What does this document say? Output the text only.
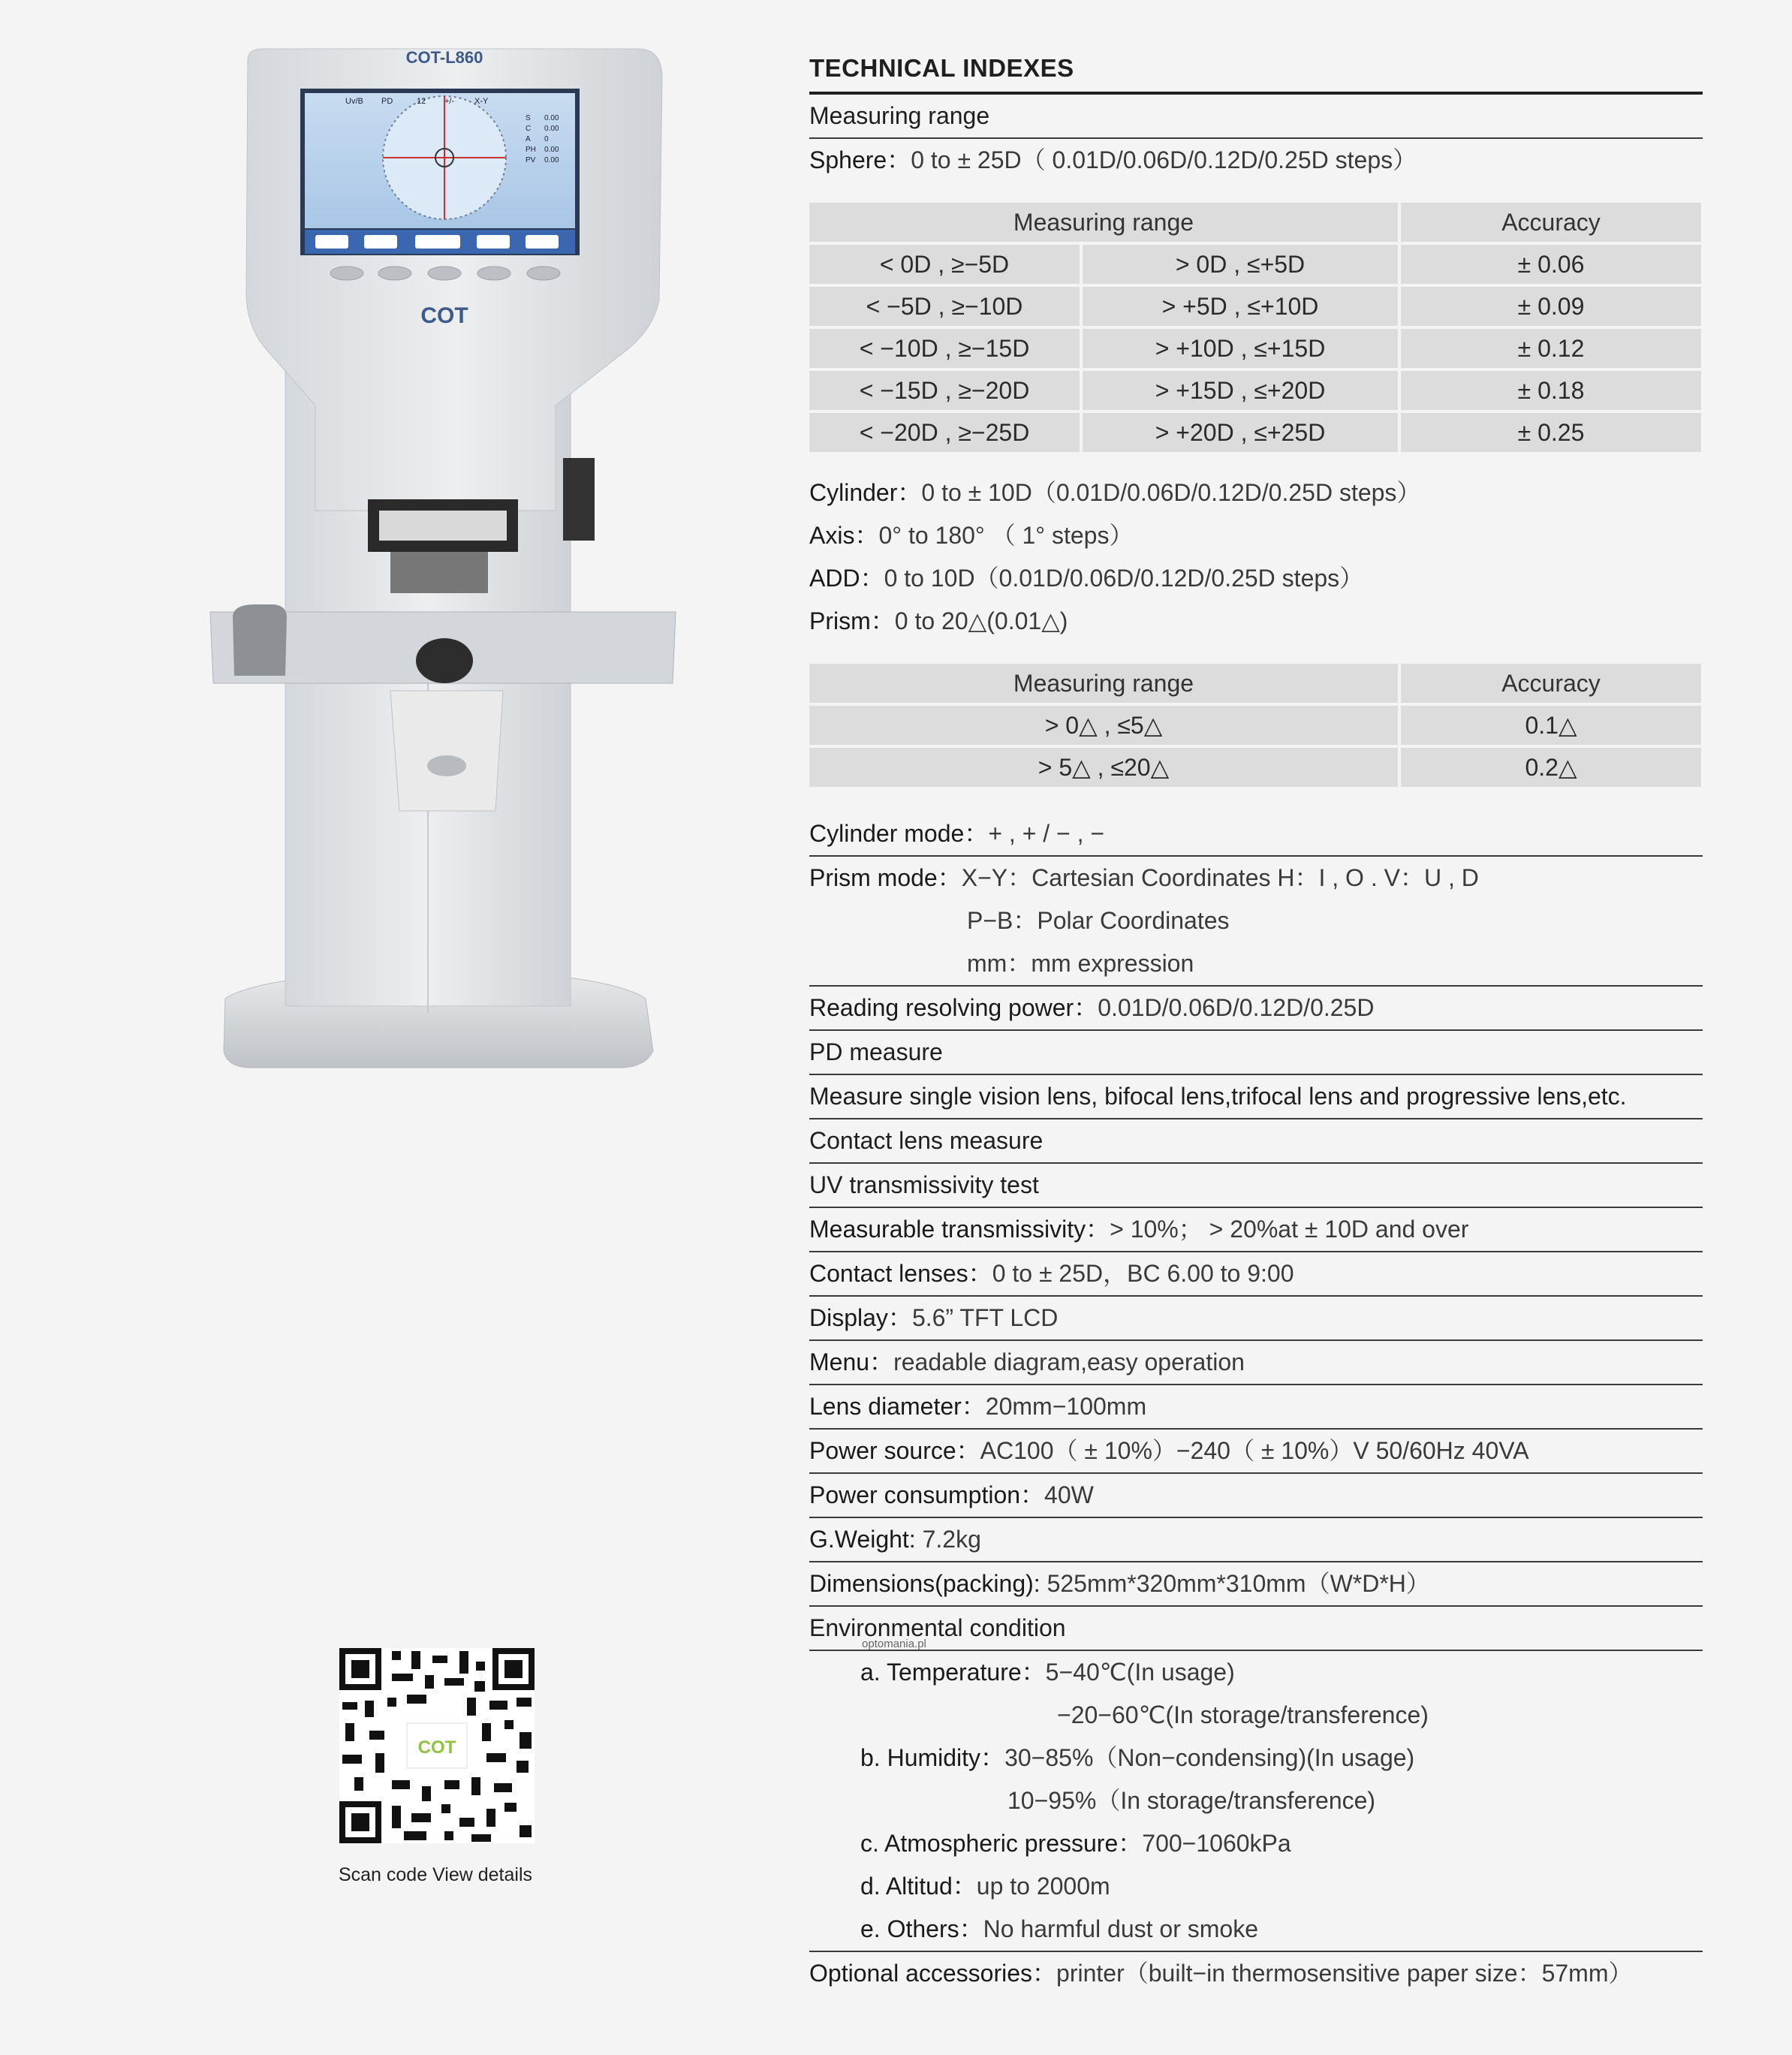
COT-L860
Uv/B PD	12 +/- X-Y
S 0.00
C 0.00
A 0
PH 0.00
PV 0.00
COT
COT
Scan code View details
optomania.pl
TECHNICAL INDEXES
Measuring range
Sphere：0 to ± 25D（ 0.01D/0.06D/0.12D/0.25D steps）
Measuring range		Accuracy
< 0D , ≥−5D	> 0D , ≤+5D	± 0.06
< −5D , ≥−10D	> +5D , ≤+10D	± 0.09
< −10D , ≥−15D	> +10D , ≤+15D	± 0.12
< −15D , ≥−20D	> +15D , ≤+20D	± 0.18
< −20D , ≥−25D	> +20D , ≤+25D	± 0.25
Cylinder：0 to ± 10D（0.01D/0.06D/0.12D/0.25D steps）
Axis：0° to 180° （ 1° steps）
ADD：0 to 10D（0.01D/0.06D/0.12D/0.25D steps）
Prism：0 to 20△(0.01△)
Measuring range	Accuracy
> 0△ , ≤5△	0.1△
> 5△ , ≤20△	0.2△
Cylinder mode：+ , + / − , −
Prism mode：X−Y：Cartesian Coordinates H：I , O . V：U , D
P−B：Polar Coordinates
mm：mm expression
Reading resolving power：0.01D/0.06D/0.12D/0.25D
PD measure
Measure single vision lens, bifocal lens,trifocal lens and progressive lens,etc.
Contact lens measure
UV transmissivity test
Measurable transmissivity：> 10%； > 20%at ± 10D and over
Contact lenses：0 to ± 25D，BC 6.00 to 9:00
Display：5.6” TFT LCD
Menu：readable diagram,easy operation
Lens diameter：20mm−100mm
Power source：AC100（ ± 10%）−240（ ± 10%）V 50/60Hz 40VA
Power consumption：40W
G.Weight: 7.2kg
Dimensions(packing): 525mm*320mm*310mm（W*D*H）
Environmental condition
a. Temperature：5−40℃(In usage)
−20−60℃(In storage/transference)
b. Humidity：30−85%（Non−condensing)(In usage)
10−95%（In storage/transference)
c. Atmospheric pressure：700−1060kPa
d. Altitud：up to 2000m
e. Others：No harmful dust or smoke
Optional accessories：printer（built−in thermosensitive paper size：57mm）
